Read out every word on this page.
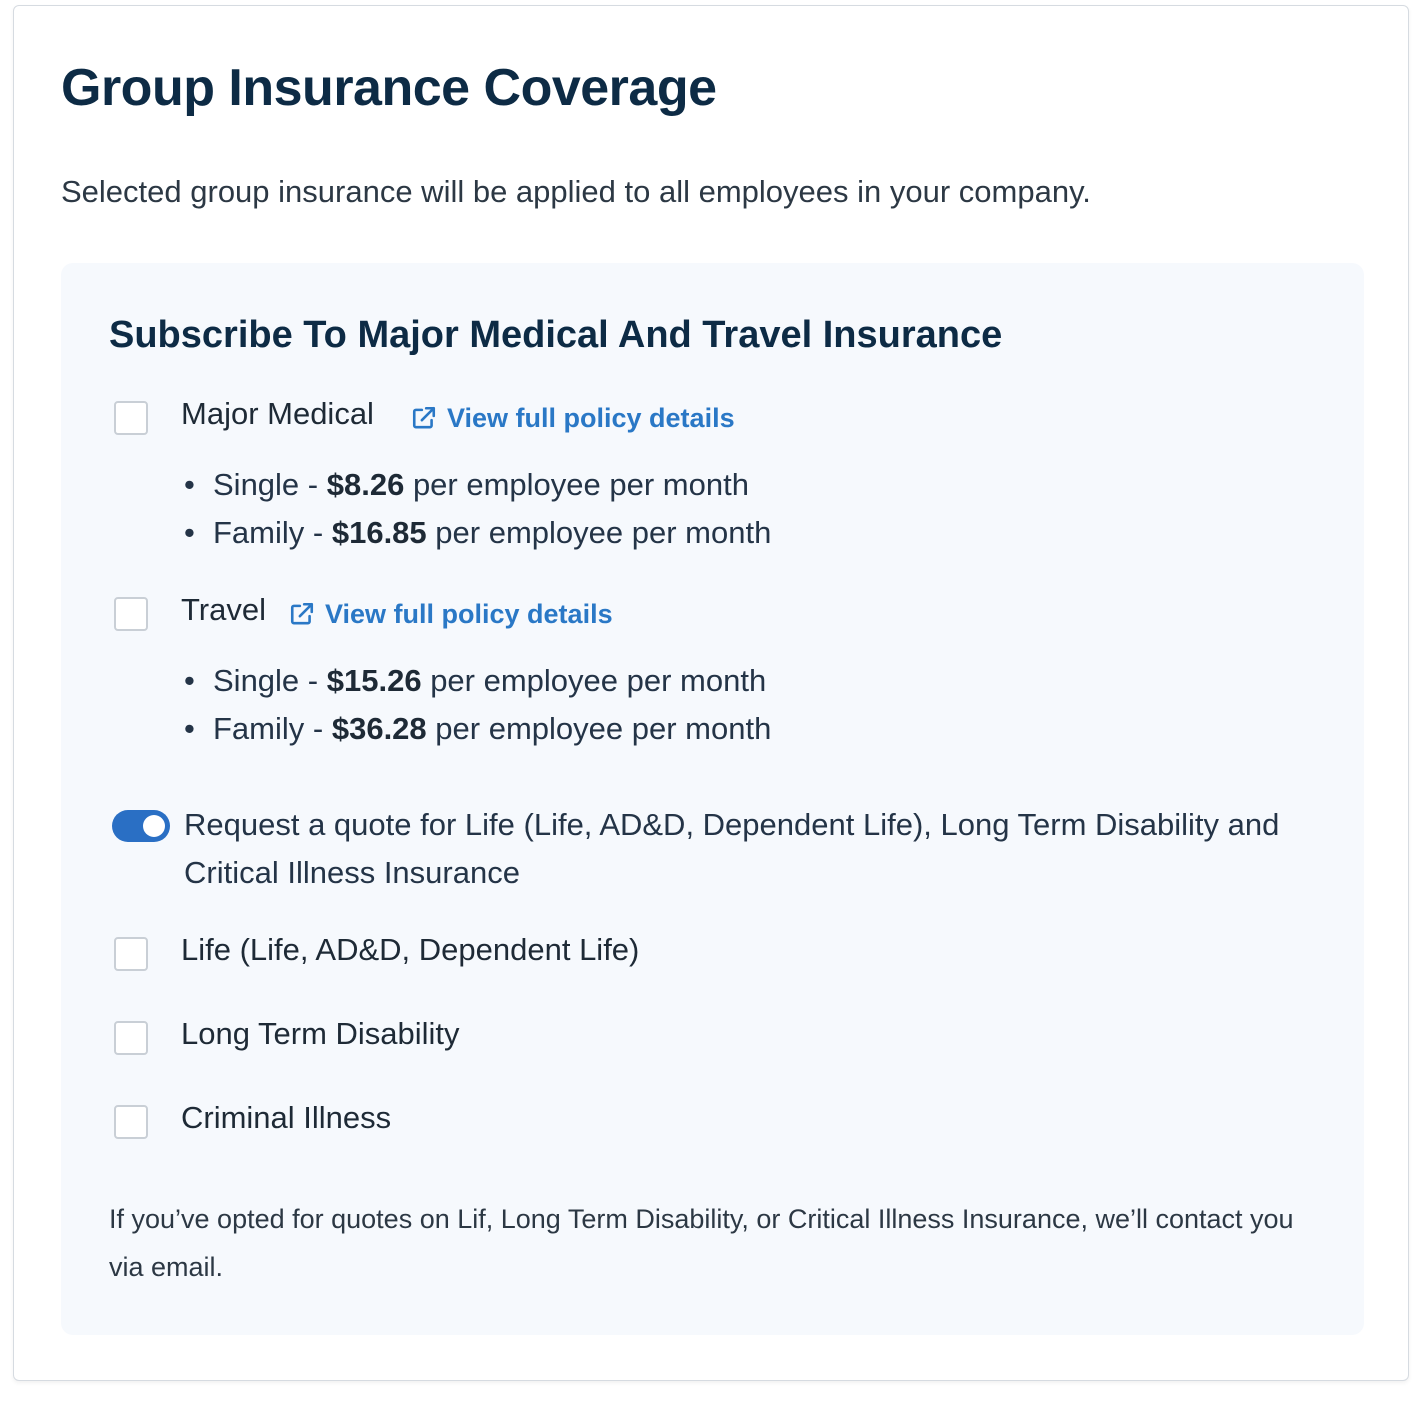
Group Insurance Coverage

Selected group insurance will be applied to all employees in your company.

Subscribe To Major Medical And Travel Insurance
Major Medical	View full policy details
• Single - $8.26 per employee per month
• Family - $16.85 per employee per month
Travel View full policy details
• Single - $15.26 per employee per month
• Family - $36.28 per employee per month

Request a quote for Life (Life, AD&D, Dependent Life), Long Term Disability and Critical Illness Insurance

Life (Life, AD&D, Dependent Life)
Long Term Disability
Criminal Illness

If you’ve opted for quotes on Lif, Long Term Disability, or Critical Illness Insurance, we’ll contact you via email.
